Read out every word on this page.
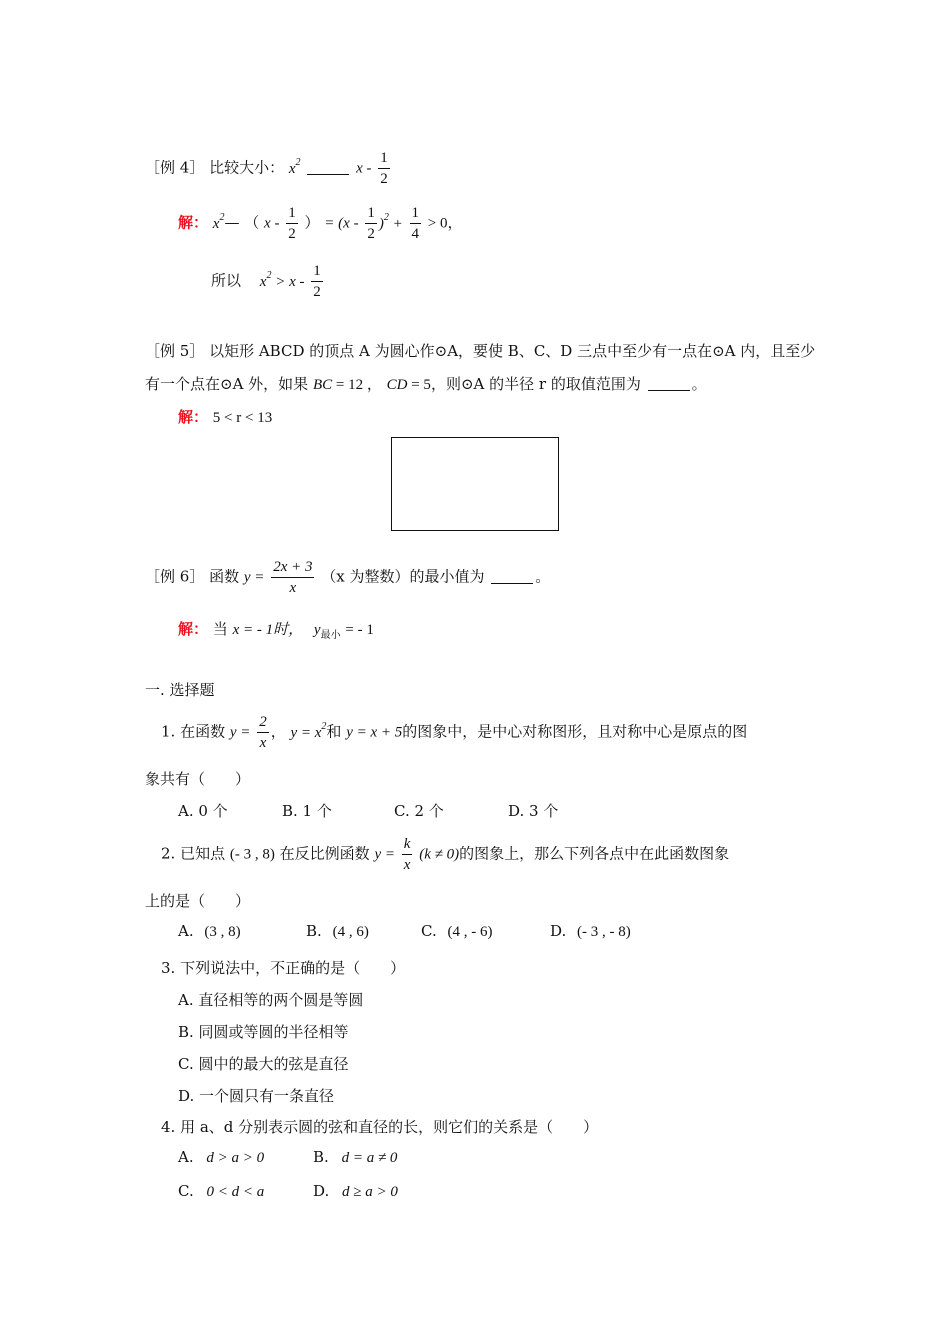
［例 4］ 比较大小： $x^2$	x - $\frac{1}{2}$
解： $x^2—$ （ x - $\frac{1}{2}$ ） = $(x - \frac{1}{2} )^2 + \frac{1}{4} > 0$，
所以 $x^2 > x - \frac{1}{2}$
［例 5］ 以矩形 ABCD 的顶点 A 为圆心作⊙A，要使 B、C、D 三点中至少有一点在⊙A 内，且至少
有一个点在⊙A 外，如果 BC = 12 ， CD = 5，则⊙A 的半径 r 的取值范围为	。
解： 5 < r < 13
［例 6］ 函数 $y = \frac{2x + 3}{x} (x$ 为整数）的最小值为	。
解： 当 x = - 1时， $y_{最小}$ = - 1
一. 选择题
1. 在函数 $y = \frac{2}{x}$ ， $y = x^2$和 y = x + 5的图象中，是中心对称图形，且对称中心是原点的图
象共有（　　）
A. 0 个	B. 1 个	C. 2 个	D. 3 个
2. 已知点 (- 3 , 8) 在反比例函数 $y = \frac{k}{x} (k \ne 0)$的图象上，那么下列各点中在此函数图象
上的是（　　）
A. (3 , 8)	B. (4 , 6)	C. (4 , - 6)	D. (- 3 , - 8)
3. 下列说法中，不正确的是（　　）
A. 直径相等的两个圆是等圆
B. 同圆或等圆的半径相等
C. 圆中的最大的弦是直径
D. 一个圆只有一条直径
4. 用 a、d 分别表示圆的弦和直径的长，则它们的关系是（　　）
A. d > a > 0	B. d = a ≠ 0
C. 0 < d < a	D. d ≥ a > 0
